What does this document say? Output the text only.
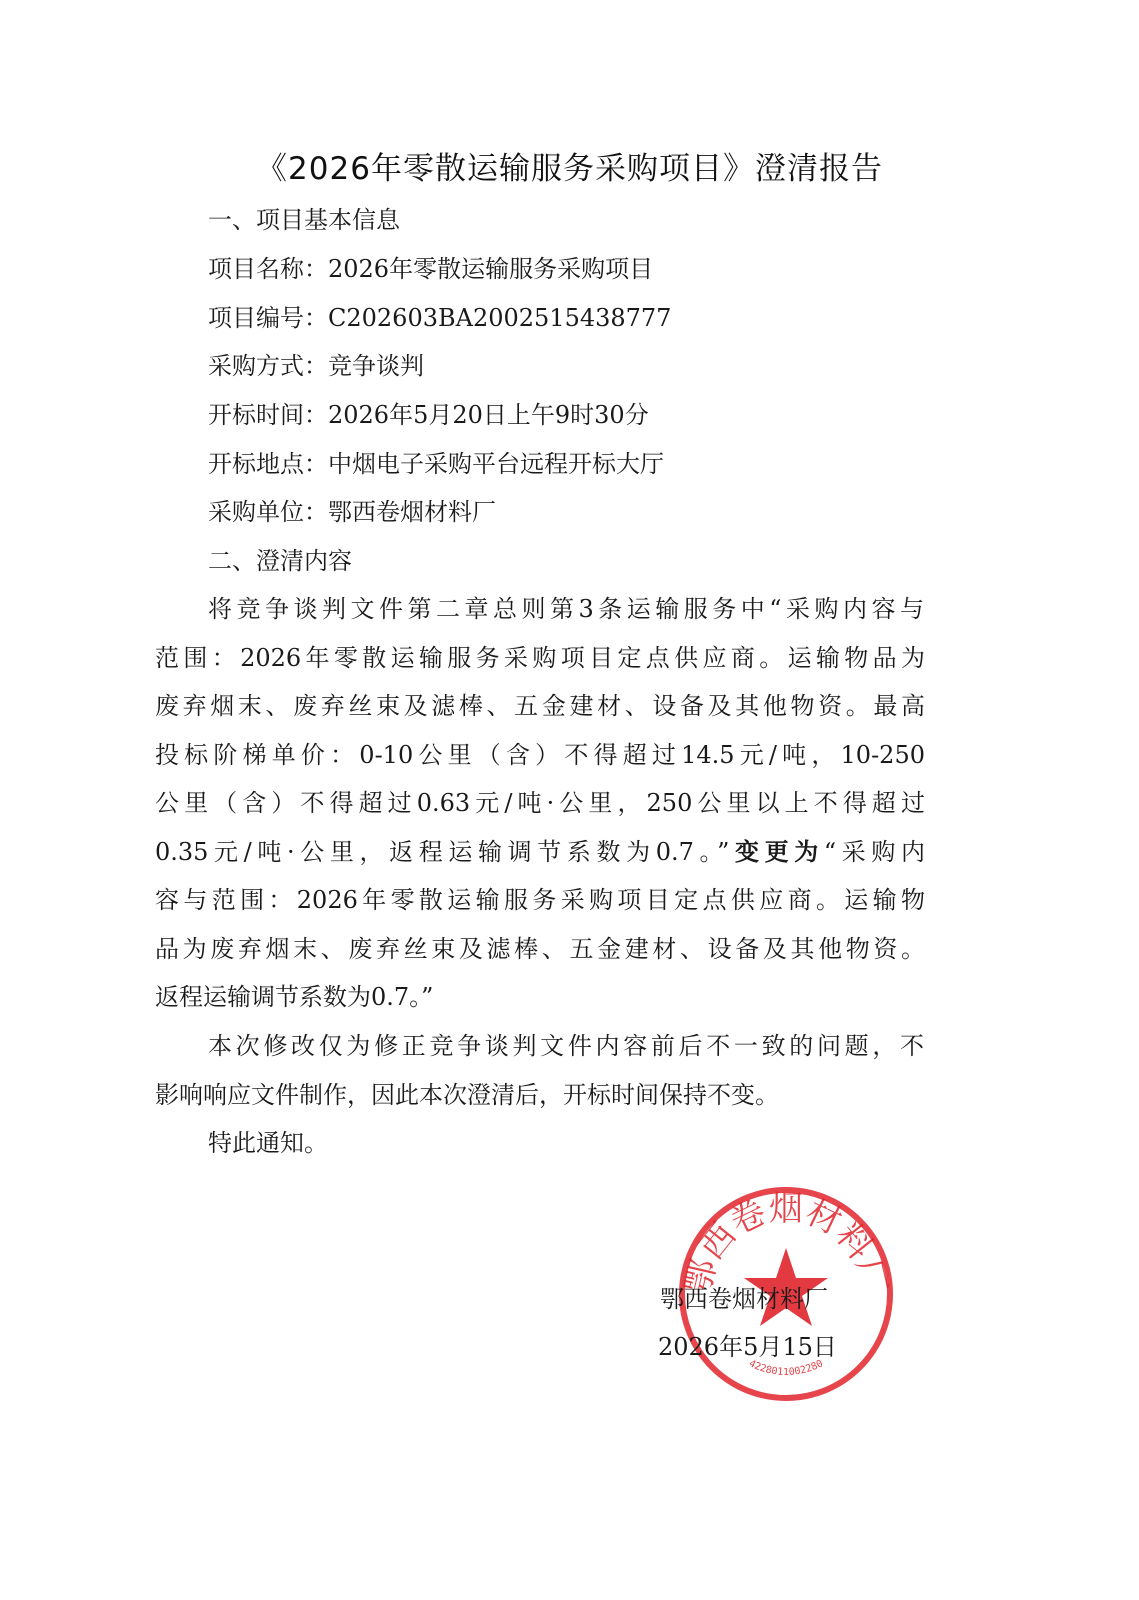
《2026年零散运输服务采购项目》澄清报告
一、项目基本信息
项目名称：2026年零散运输服务采购项目
项目编号：C202603BA2002515438777
采购方式：竞争谈判
开标时间：2026年5月20日上午9时30分
开标地点：中烟电子采购平台远程开标大厅
采购单位：鄂西卷烟材料厂
二、澄清内容
将竞争谈判文件第二章总则第3条运输服务中“采购内容与
范围：2026年零散运输服务采购项目定点供应商。运输物品为
废弃烟末、废弃丝束及滤棒、五金建材、设备及其他物资。最高
投标阶梯单价：0-10公里（含）不得超过14.5元/吨，10-250
公里（含）不得超过0.63元/吨·公里，250公里以上不得超过
0.35元/吨·公里，返程运输调节系数为0.7。”变更为“采购内
容与范围：2026年零散运输服务采购项目定点供应商。运输物
品为废弃烟末、废弃丝束及滤棒、五金建材、设备及其他物资。
返程运输调节系数为0.7。”
本次修改仅为修正竞争谈判文件内容前后不一致的问题，不
影响响应文件制作，因此本次澄清后，开标时间保持不变。
特此通知。
鄂西卷烟材料厂
4228011002280
鄂西卷烟材料厂
2026年5月15日
